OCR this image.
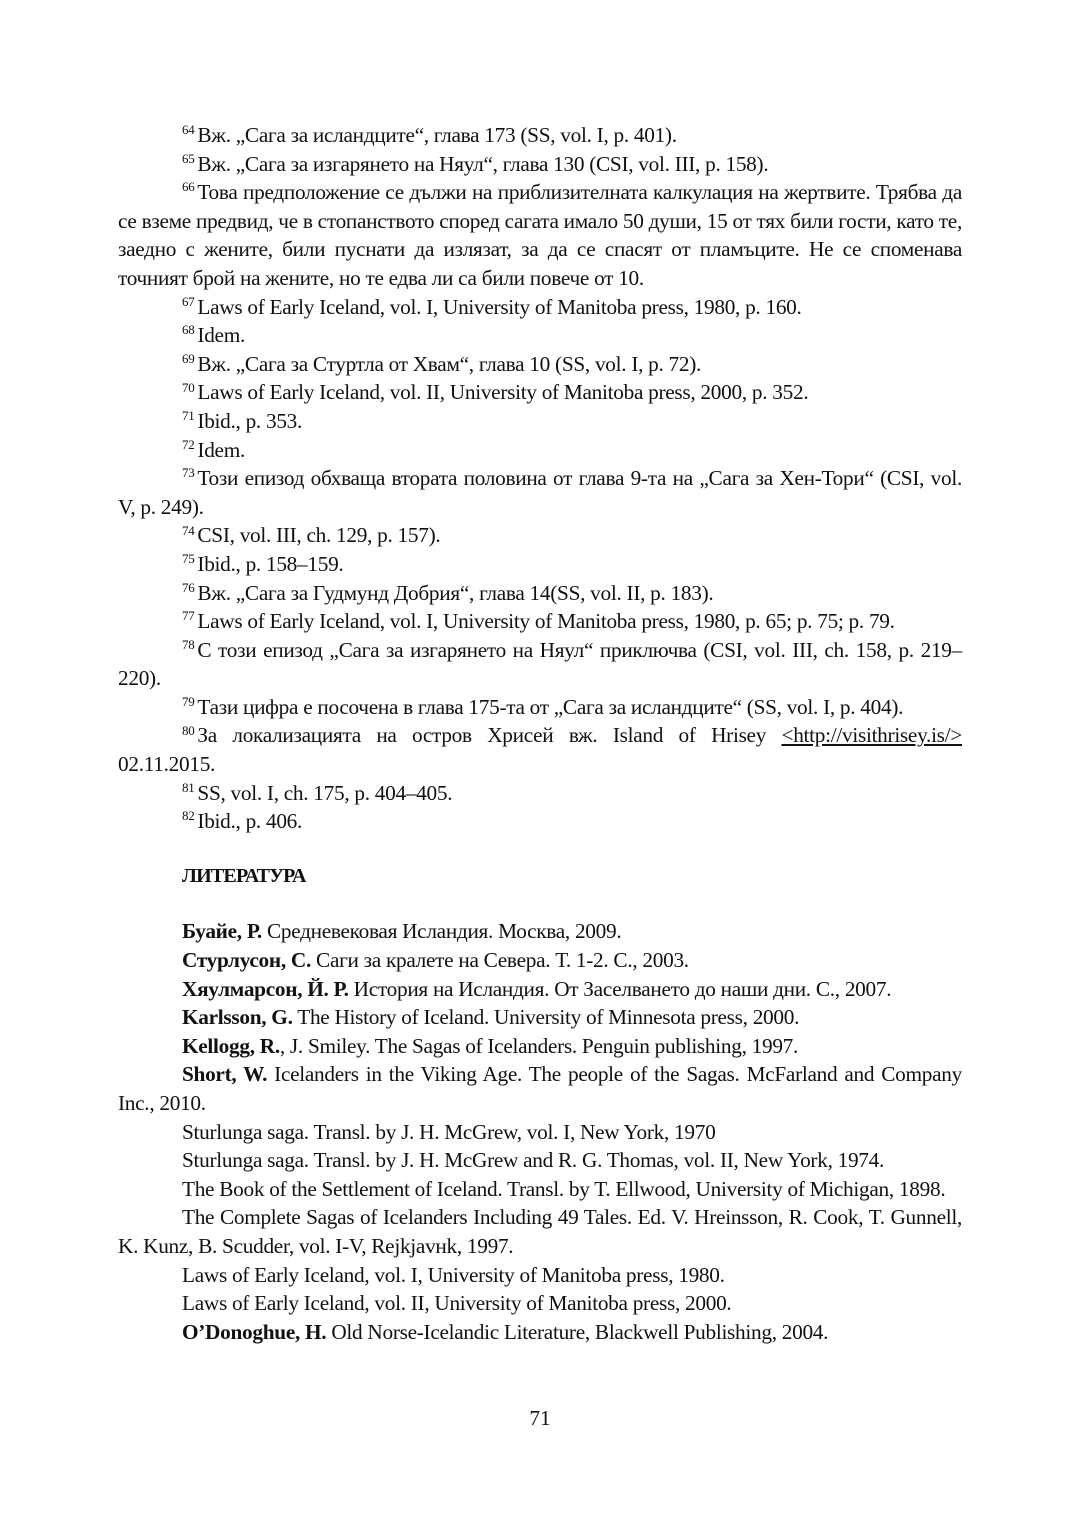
$^{64}$ Вж. „Сага за исландците“, глава 173 (SS, vol. I, p. 401).

$^{65}$ Вж. „Сага за изгарянето на Няул“, глава 130 (CSI, vol. III, p. 158).

$^{66}$ Това предположение се дължи на приблизителната калкулация на жертвите. Трябва да се вземе предвид, че в стопанството според сагата имало 50 души, 15 от тях били гости, като те, заедно с жените, били пуснати да излязат, за да се спасят от пламъците. Не се споменава точният брой на жените, но те едва ли са били повече от 10.

$^{67}$ Laws of Early Iceland, vol. I, University of Manitoba press, 1980, p. 160.

$^{68}$ Idem.

$^{69}$ Вж. „Сага за Стуртла от Хвам“, глава 10 (SS, vol. I, p. 72).

$^{70}$ Laws of Early Iceland, vol. II, University of Manitoba press, 2000, p. 352.

$^{71}$ Ibid., p. 353.

$^{72}$ Idem.

$^{73}$ Този епизод обхваща втората половина от глава 9-та на „Сага за Хен-Тори“ (CSI, vol. V, p. 249).

$^{74}$ CSI, vol. III, ch. 129, p. 157).

$^{75}$ Ibid., p. 158–159.

$^{76}$ Вж. „Сага за Гудмунд Добрия“, глава 14(SS, vol. II, p. 183).

$^{77}$ Laws of Early Iceland, vol. I, University of Manitoba press, 1980, p. 65; p. 75; p. 79.

$^{78}$ С този епизод „Сага за изгарянето на Няул“ приключва (CSI, vol. III, ch. 158, p. 219–220).

$^{79}$ Тази цифра е посочена в глава 175-та от „Сага за исландците“ (SS, vol. I, p. 404).

$^{80}$ За локализацията на остров Хрисей вж. Island of Hrisey <http://visithrisey.is/> 02.11.2015.

$^{81}$ SS, vol. I, ch. 175, p. 404–405.

$^{82}$ Ibid., p. 406.

ЛИТЕРАТУРА

Буайе, Р. Средневековая Исландия. Москва, 2009.

Стурлусон, С. Саги за кралете на Севера. Т. 1-2. С., 2003.

Хяулмарсон, Й. Р. История на Исландия. От Заселването до наши дни. С., 2007.

Karlsson, G. The History of Iceland. University of Minnesota press, 2000.

Kellogg, R., J. Smiley. The Sagas of Icelanders. Penguin publishing, 1997.

Short, W. Icelanders in the Viking Age. The people of the Sagas. McFarland and Company Inc., 2010.

Sturlunga saga. Transl. by J. H. McGrew, vol. I, New York, 1970

Sturlunga saga. Transl. by J. H. McGrew and R. G. Thomas, vol. II, New York, 1974.

The Book of the Settlement of Iceland. Transl. by T. Ellwood, University of Michigan, 1898.

The Complete Sagas of Icelanders Including 49 Tales. Ed. V. Hreinsson, R. Cook, T. Gunnell, K. Kunz, B. Scudder, vol. I-V, Rejkjavнk, 1997.

Laws of Early Iceland, vol. I, University of Manitoba press, 1980.

Laws of Early Iceland, vol. II, University of Manitoba press, 2000.

O’Donoghue, H. Old Norse-Icelandic Literature, Blackwell Publishing, 2004.

71
